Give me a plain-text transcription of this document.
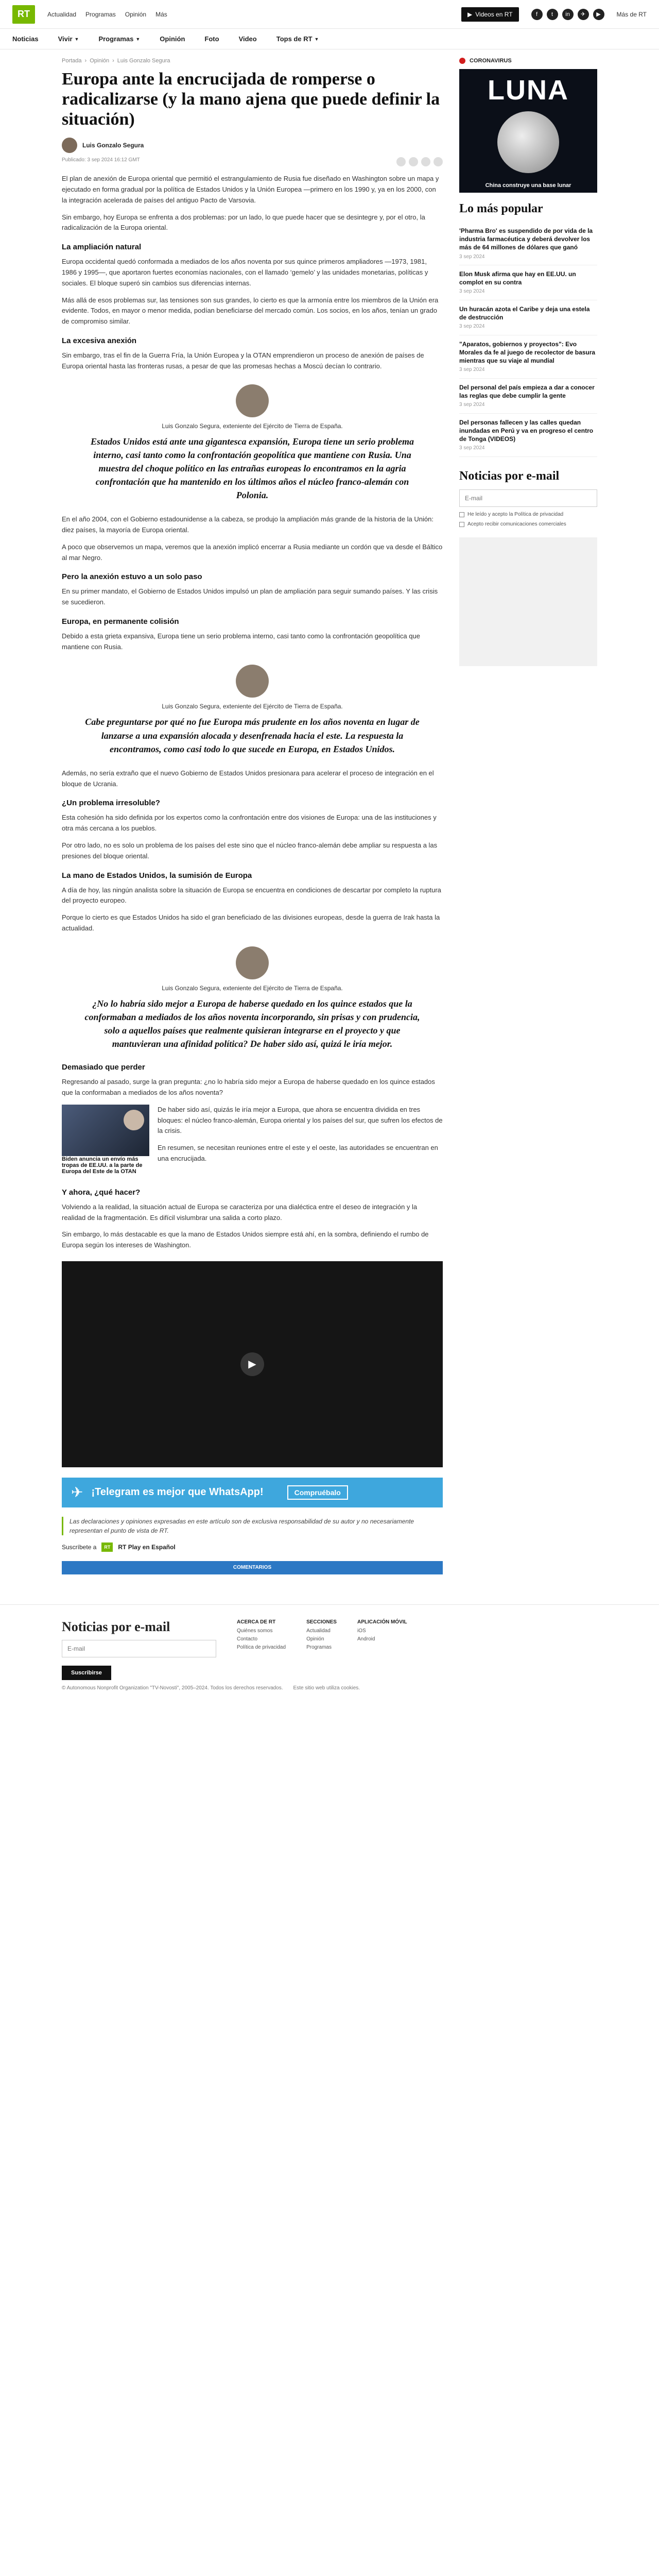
RT	Actualidad Programas Opinión Más	▶ Videos en RT	f	t	in	✈	▶	Más de RT
Noticias	Vivir ▼	Programas ▼	Opinión	Foto	Video	Tops de RT ▼
Portada › Opinión › Luis Gonzalo Segura
Europa ante la encrucijada de romperse o radicalizarse (y la mano ajena que puede definir la situación)
Luis Gonzalo Segura
Publicado: 3 sep 2024 16:12 GMT

El plan de anexión de Europa oriental que permitió el estrangulamiento de Rusia fue diseñado en Washington sobre un mapa y ejecutado en forma gradual por la política de Estados Unidos y la Unión Europea —primero en los 1990 y, ya en los 2000, con la integración acelerada de países del antiguo Pacto de Varsovia.

Sin embargo, hoy Europa se enfrenta a dos problemas: por un lado, lo que puede hacer que se desintegre y, por el otro, la radicalización de la Europa oriental.

La ampliación natural

Europa occidental quedó conformada a mediados de los años noventa por sus quince primeros ampliadores —1973, 1981, 1986 y 1995—, que aportaron fuertes economías nacionales, con el llamado ‘gemelo’ y las unidades monetarias, políticas y sociales. El bloque superó sin cambios sus diferencias internas.

Más allá de esos problemas sur, las tensiones son sus grandes, lo cierto es que la armonía entre los miembros de la Unión era evidente. Todos, en mayor o menor medida, podían beneficiarse del mercado común. Los socios, en los años, tenían un grado de compromiso similar.

La excesiva anexión

Sin embargo, tras el fin de la Guerra Fría, la Unión Europea y la OTAN emprendieron un proceso de anexión de países de Europa oriental hasta las fronteras rusas, a pesar de que las promesas hechas a Moscú decían lo contrario.

Luis Gonzalo Segura, exteniente del Ejército de Tierra de España.
Estados Unidos está ante una gigantesca expansión, Europa tiene un serio problema interno, casi tanto como la confrontación geopolítica que mantiene con Rusia. Una muestra del choque político en las entrañas europeas lo encontramos en la agria confrontación que ha mantenido en los últimos años el núcleo franco-alemán con Polonia.

En el año 2004, con el Gobierno estadounidense a la cabeza, se produjo la ampliación más grande de la historia de la Unión: diez países, la mayoría de Europa oriental.

A poco que observemos un mapa, veremos que la anexión implicó encerrar a Rusia mediante un cordón que va desde el Báltico al mar Negro.

Pero la anexión estuvo a un solo paso

En su primer mandato, el Gobierno de Estados Unidos impulsó un plan de ampliación para seguir sumando países. Y las crisis se sucedieron.

Europa, en permanente colisión

Debido a esta grieta expansiva, Europa tiene un serio problema interno, casi tanto como la confrontación geopolítica que mantiene con Rusia.

Luis Gonzalo Segura, exteniente del Ejército de Tierra de España.
Cabe preguntarse por qué no fue Europa más prudente en los años noventa en lugar de lanzarse a una expansión alocada y desenfrenada hacia el este. La respuesta la encontramos, como casi todo lo que sucede en Europa, en Estados Unidos.

Además, no sería extraño que el nuevo Gobierno de Estados Unidos presionara para acelerar el proceso de integración en el bloque de Ucrania.

¿Un problema irresoluble?

Esta cohesión ha sido definida por los expertos como la confrontación entre dos visiones de Europa: una de las instituciones y otra más cercana a los pueblos.

Por otro lado, no es solo un problema de los países del este sino que el núcleo franco-alemán debe ampliar su respuesta a las presiones del bloque oriental.

La mano de Estados Unidos, la sumisión de Europa

A día de hoy, las ningún analista sobre la situación de Europa se encuentra en condiciones de descartar por completo la ruptura del proyecto europeo.

Porque lo cierto es que Estados Unidos ha sido el gran beneficiado de las divisiones europeas, desde la guerra de Irak hasta la actualidad.

Luis Gonzalo Segura, exteniente del Ejército de Tierra de España.
¿No lo habría sido mejor a Europa de haberse quedado en los quince estados que la conformaban a mediados de los años noventa incorporando, sin prisas y con prudencia, solo a aquellos países que realmente quisieran integrarse en el proyecto y que mantuvieran una afinidad política? De haber sido así, quizá le iría mejor.
Demasiado que perder

Regresando al pasado, surge la gran pregunta: ¿no lo habría sido mejor a Europa de haberse quedado en los quince estados que la conformaban a mediados de los años noventa?

Biden anuncia un envío más tropas de EE.UU. a la parte de Europa del Este de la OTAN

De haber sido así, quizás le iría mejor a Europa, que ahora se encuentra dividida en tres bloques: el núcleo franco-alemán, Europa oriental y los países del sur, que sufren los efectos de la crisis.

En resumen, se necesitan reuniones entre el este y el oeste, las autoridades se encuentran en una encrucijada.

Y ahora, ¿qué hacer?

Volviendo a la realidad, la situación actual de Europa se caracteriza por una dialéctica entre el deseo de integración y la realidad de la fragmentación. Es difícil vislumbrar una salida a corto plazo.

Sin embargo, lo más destacable es que la mano de Estados Unidos siempre está ahí, en la sombra, definiendo el rumbo de Europa según los intereses de Washington.

▶
✈ ¡Telegram es mejor que WhatsApp!	Compruébalo
Las declaraciones y opiniones expresadas en este artículo son de exclusiva responsabilidad de su autor y no necesariamente representan el punto de vista de RT.
Suscríbete a	RT	RT Play en Español
COMENTARIOS
CORONAVIRUS
LUNA
China construye una base lunar
Lo más popular
'Pharma Bro' es suspendido de por vida de la industria farmacéutica y deberá devolver los más de 64 millones de dólares que ganó
3 sep 2024
Elon Musk afirma que hay en EE.UU. un complot en su contra
3 sep 2024
Un huracán azota el Caribe y deja una estela de destrucción
3 sep 2024
"Aparatos, gobiernos y proyectos": Evo Morales da fe al juego de recolector de basura mientras que su viaje al mundial
3 sep 2024
Del personal del país empieza a dar a conocer las reglas que debe cumplir la gente
3 sep 2024
Del personas fallecen y las calles quedan inundadas en Perú y va en progreso el centro de Tonga (VIDEOS)
3 sep 2024
Noticias por e-mail
E-mail
He leído y acepto la Política de privacidad
Acepto recibir comunicaciones comerciales
Noticias por e-mail
E-mail Suscribirse
ACERCA DE RT
Quiénes somos
Contacto
Política de privacidad
SECCIONES
Actualidad
Opinión
Programas
APLICACIÓN MÓVIL
iOS
Android
© Autonomous Nonprofit Organization "TV-Novosti", 2005–2024. Todos los derechos reservados. Este sitio web utiliza cookies.
